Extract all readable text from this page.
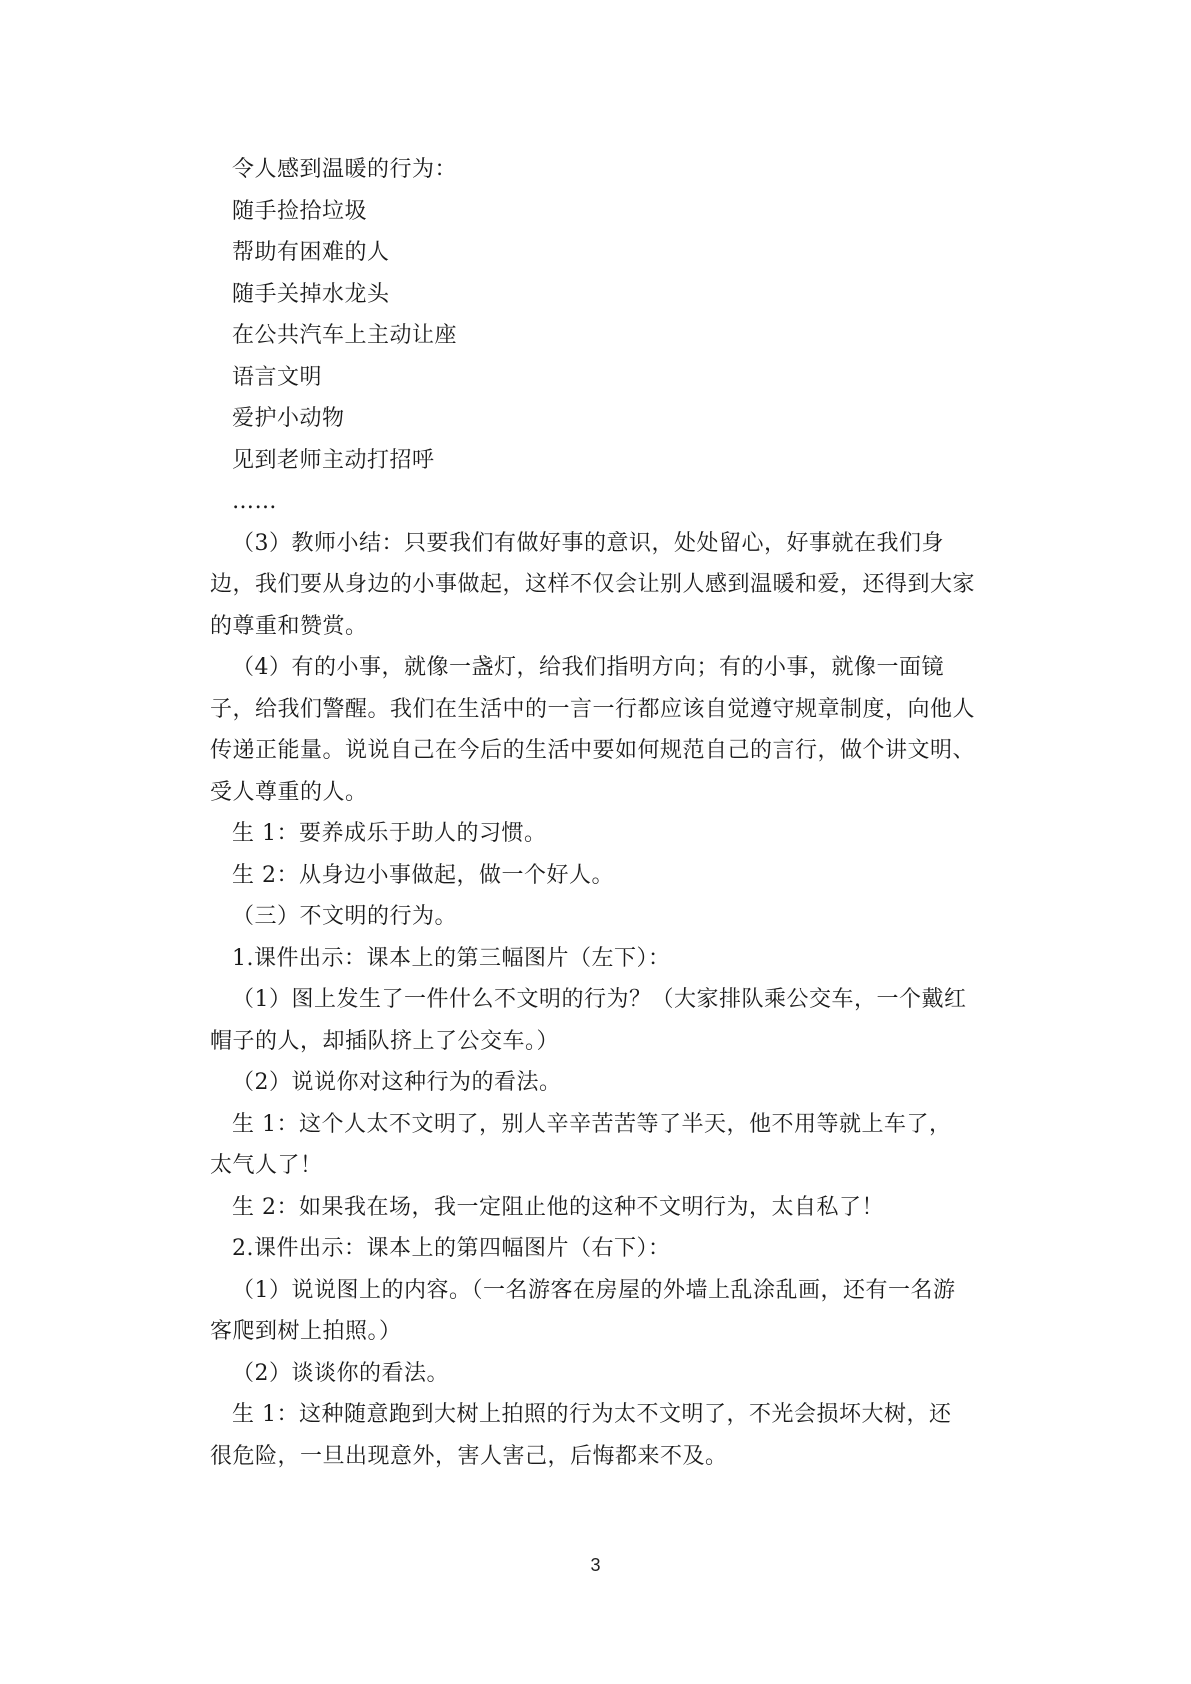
令人感到温暖的行为：
随手捡拾垃圾
帮助有困难的人
随手关掉水龙头
在公共汽车上主动让座
语言文明
爱护小动物
见到老师主动打招呼
……
（3）教师小结：只要我们有做好事的意识，处处留心，好事就在我们身
边，我们要从身边的小事做起，这样不仅会让别人感到温暖和爱，还得到大家
的尊重和赞赏。
（4）有的小事，就像一盏灯，给我们指明方向；有的小事，就像一面镜
子，给我们警醒。我们在生活中的一言一行都应该自觉遵守规章制度，向他人
传递正能量。说说自己在今后的生活中要如何规范自己的言行，做个讲文明、
受人尊重的人。
生 1：要养成乐于助人的习惯。
生 2：从身边小事做起，做一个好人。
（三）不文明的行为。
1.课件出示：课本上的第三幅图片（左下）：
（1）图上发生了一件什么不文明的行为？（大家排队乘公交车，一个戴红
帽子的人，却插队挤上了公交车。）
（2）说说你对这种行为的看法。
生 1：这个人太不文明了，别人辛辛苦苦等了半天，他不用等就上车了，
太气人了！
生 2：如果我在场，我一定阻止他的这种不文明行为，太自私了！
2.课件出示：课本上的第四幅图片（右下）：
（1）说说图上的内容。（一名游客在房屋的外墙上乱涂乱画，还有一名游
客爬到树上拍照。）
（2）谈谈你的看法。
生 1：这种随意跑到大树上拍照的行为太不文明了，不光会损坏大树，还
很危险，一旦出现意外，害人害己，后悔都来不及。
3
